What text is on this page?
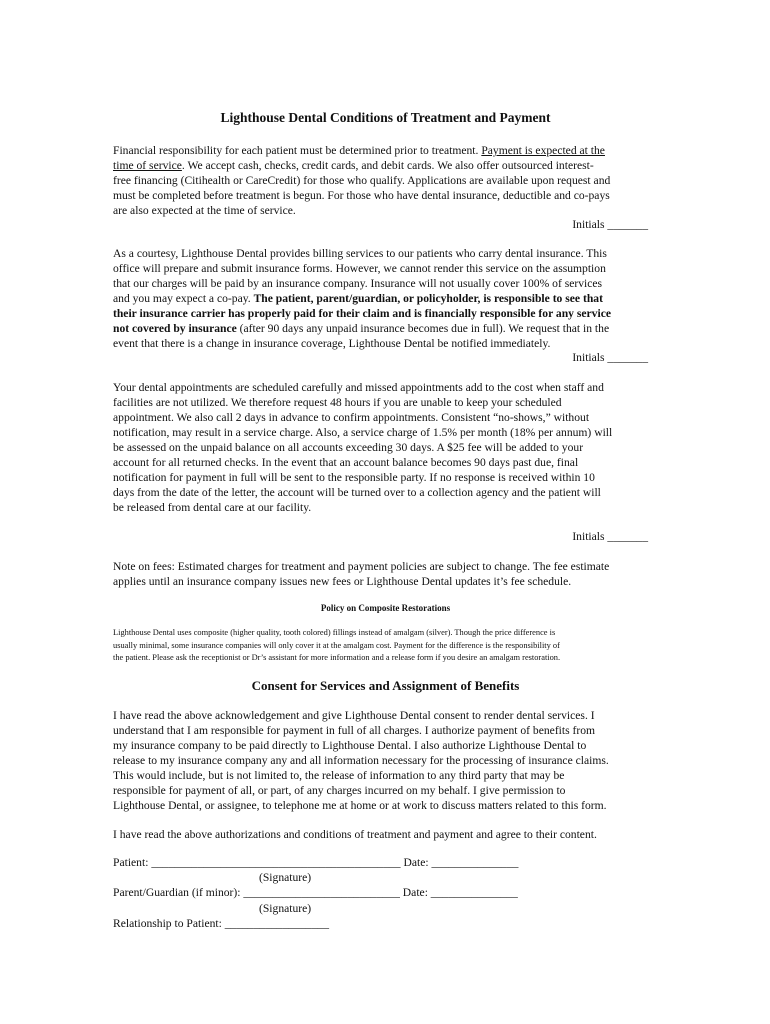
Lighthouse Dental Conditions of Treatment and Payment
Financial responsibility for each patient must be determined prior to treatment. Payment is expected at the
time of service. We accept cash, checks, credit cards, and debit cards. We also offer outsourced interest-
free financing (Citihealth or CareCredit) for those who qualify. Applications are available upon request and
must be completed before treatment is begun. For those who have dental insurance, deductible and co-pays
are also expected at the time of service.
Initials _______
As a courtesy, Lighthouse Dental provides billing services to our patients who carry dental insurance. This
office will prepare and submit insurance forms. However, we cannot render this service on the assumption
that our charges will be paid by an insurance company. Insurance will not usually cover 100% of services
and you may expect a co-pay. The patient, parent/guardian, or policyholder, is responsible to see that
their insurance carrier has properly paid for their claim and is financially responsible for any service
not covered by insurance (after 90 days any unpaid insurance becomes due in full). We request that in the
event that there is a change in insurance coverage, Lighthouse Dental be notified immediately.
Initials _______
Your dental appointments are scheduled carefully and missed appointments add to the cost when staff and
facilities are not utilized. We therefore request 48 hours if you are unable to keep your scheduled
appointment. We also call 2 days in advance to confirm appointments. Consistent “no-shows,” without
notification, may result in a service charge. Also, a service charge of 1.5% per month (18% per annum) will
be assessed on the unpaid balance on all accounts exceeding 30 days. A $25 fee will be added to your
account for all returned checks. In the event that an account balance becomes 90 days past due, final
notification for payment in full will be sent to the responsible party. If no response is received within 10
days from the date of the letter, the account will be turned over to a collection agency and the patient will
be released from dental care at our facility.
Initials _______
Note on fees: Estimated charges for treatment and payment policies are subject to change. The fee estimate
applies until an insurance company issues new fees or Lighthouse Dental updates it’s fee schedule.
Policy on Composite Restorations
Lighthouse Dental uses composite (higher quality, tooth colored) fillings instead of amalgam (silver). Though the price difference is
usually minimal, some insurance companies will only cover it at the amalgam cost. Payment for the difference is the responsibility of
the patient. Please ask the receptionist or Dr’s assistant for more information and a release form if you desire an amalgam restoration.
Consent for Services and Assignment of Benefits
I have read the above acknowledgement and give Lighthouse Dental consent to render dental services. I
understand that I am responsible for payment in full of all charges. I authorize payment of benefits from
my insurance company to be paid directly to Lighthouse Dental. I also authorize Lighthouse Dental to
release to my insurance company any and all information necessary for the processing of insurance claims.
This would include, but is not limited to, the release of information to any third party that may be
responsible for payment of all, or part, of any charges incurred on my behalf. I give permission to
Lighthouse Dental, or assignee, to telephone me at home or at work to discuss matters related to this form.
I have read the above authorizations and conditions of treatment and payment and agree to their content.
Patient: ___________________________________________ Date: _______________
(Signature)
Parent/Guardian (if minor): ___________________________ Date: _______________
(Signature)
Relationship to Patient: __________________
